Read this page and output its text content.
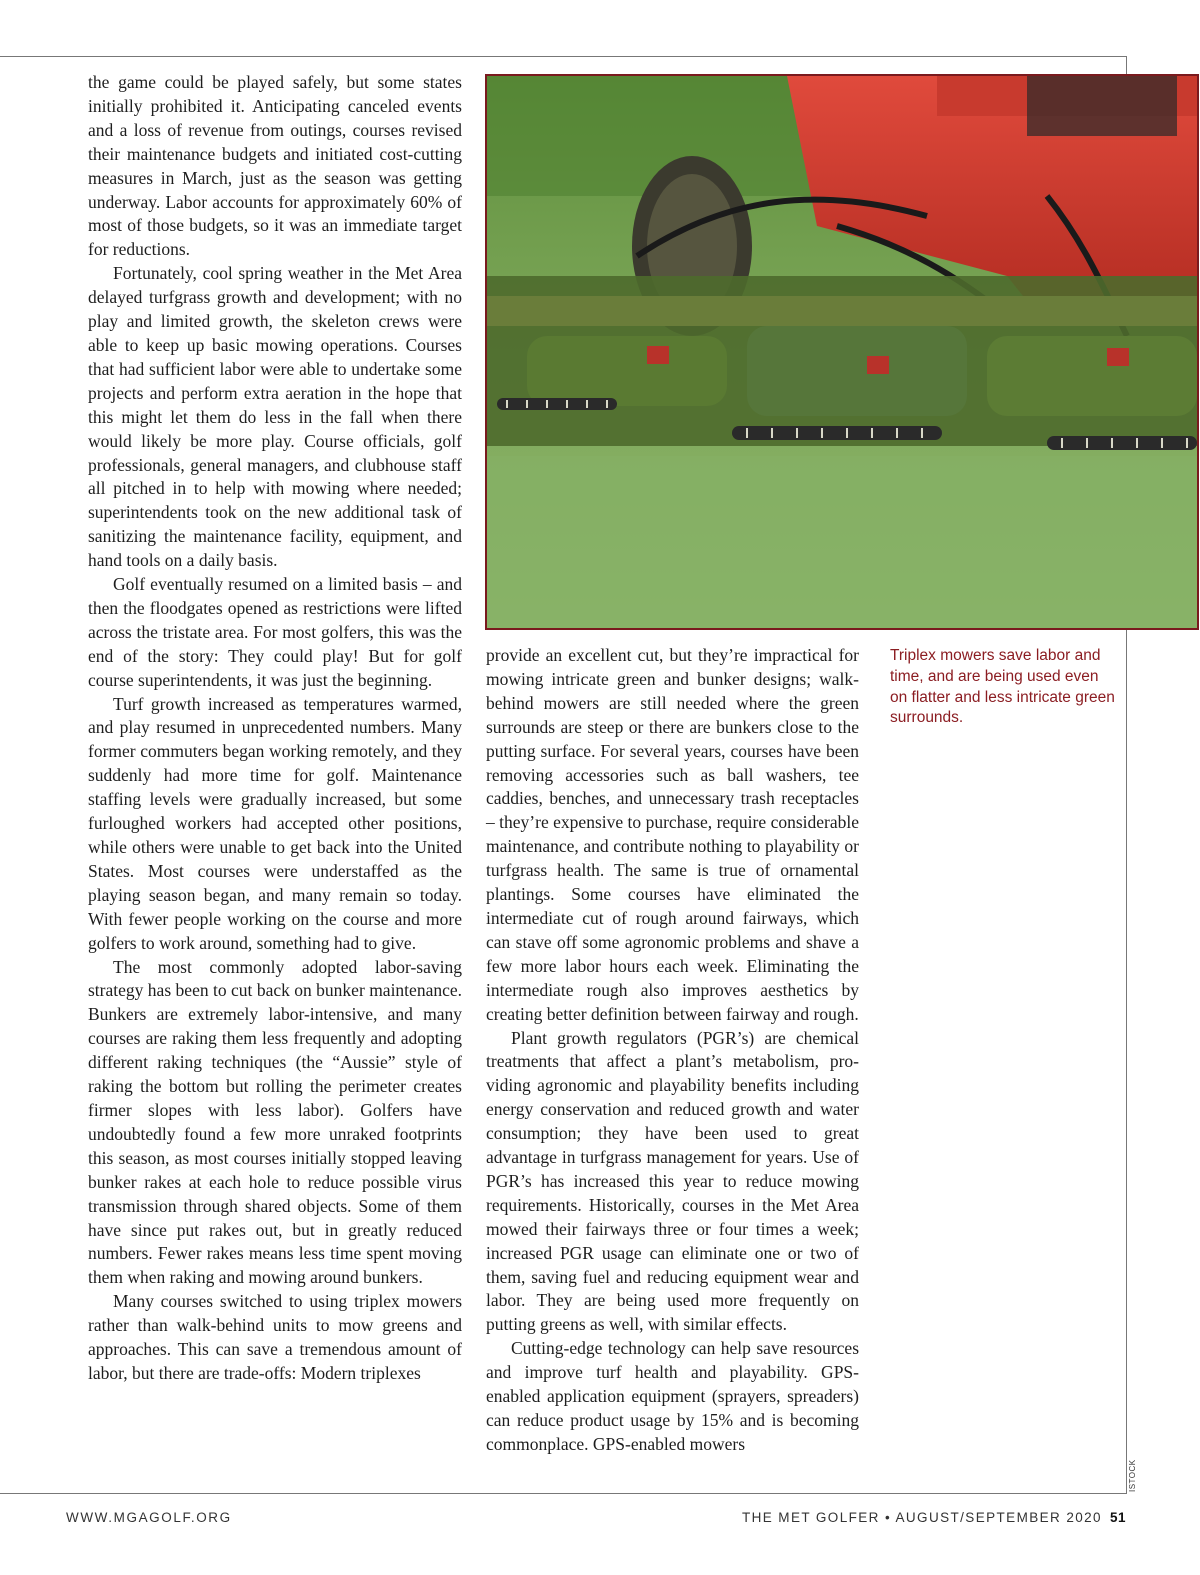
the game could be played safely, but some states initially prohibited it. Anticipating canceled events and a loss of revenue from outings, courses revised their maintenance budgets and initiated cost-cutting measures in March, just as the season was getting underway. Labor accounts for approximately 60% of most of those budgets, so it was an immediate target for reductions.

Fortunately, cool spring weather in the Met Area delayed turfgrass growth and development; with no play and limited growth, the skeleton crews were able to keep up basic mowing operations. Courses that had sufficient labor were able to undertake some projects and perform extra aeration in the hope that this might let them do less in the fall when there would likely be more play. Course officials, golf professionals, general managers, and clubhouse staff all pitched in to help with mowing where needed; superintendents took on the new additional task of sanitizing the maintenance facility, equipment, and hand tools on a daily basis.

Golf eventually resumed on a limited basis – and then the floodgates opened as restrictions were lifted across the tristate area. For most golfers, this was the end of the story: They could play! But for golf course superintendents, it was just the beginning.

Turf growth increased as temperatures warmed, and play resumed in unprecedented numbers. Many former commuters began working remotely, and they suddenly had more time for golf. Maintenance staffing levels were gradually increased, but some furloughed workers had accepted other positions, while others were unable to get back into the United States. Most courses were understaffed as the playing season began, and many remain so today. With fewer people working on the course and more golfers to work around, something had to give.

The most commonly adopted labor-saving strategy has been to cut back on bunker maintenance. Bunkers are extremely labor-intensive, and many courses are raking them less frequently and adopting different raking techniques (the “Aussie” style of raking the bottom but rolling the perimeter creates firmer slopes with less labor). Golfers have undoubtedly found a few more unraked footprints this season, as most courses initially stopped leaving bunker rakes at each hole to reduce possible virus transmission through shared objects. Some of them have since put rakes out, but in greatly reduced numbers. Fewer rakes means less time spent moving them when raking and mowing around bunkers.

Many courses switched to using triplex mowers rather than walk-behind units to mow greens and approaches. This can save a tremendous amount of labor, but there are trade-offs: Modern triplexes

provide an excellent cut, but they’re impractical for mowing intricate green and bunker designs; walk-behind mowers are still needed where the green surrounds are steep or there are bunkers close to the putting surface. For several years, courses have been removing accessories such as ball washers, tee caddies, benches, and unnecessary trash receptacles – they’re expensive to purchase, require considerable maintenance, and contribute nothing to playability or turfgrass health. The same is true of ornamental plantings. Some courses have eliminated the intermediate cut of rough around fairways, which can stave off some agronomic problems and shave a few more labor hours each week. Eliminating the intermediate rough also improves aesthetics by creating better definition between fairway and rough.

Plant growth regulators (PGR’s) are chemical treatments that affect a plant’s metabolism, providing agronomic and playability benefits including energy conservation and reduced growth and water consumption; they have been used to great advantage in turfgrass management for years. Use of PGR’s has increased this year to reduce mowing requirements. Historically, courses in the Met Area mowed their fairways three or four times a week; increased PGR usage can eliminate one or two of them, saving fuel and reducing equipment wear and labor. They are being used more frequently on putting greens as well, with similar effects.

Cutting-edge technology can help save resources and improve turf health and playability. GPS-enabled application equipment (sprayers, spreaders) can reduce product usage by 15% and is becoming commonplace. GPS-enabled mowers

Triplex mowers save labor and time, and are being used even on flatter and less intricate green surrounds.
ISTOCK
WWW.MGAGOLF.ORG	THE MET GOLFER • AUGUST/SEPTEMBER 2020 51
